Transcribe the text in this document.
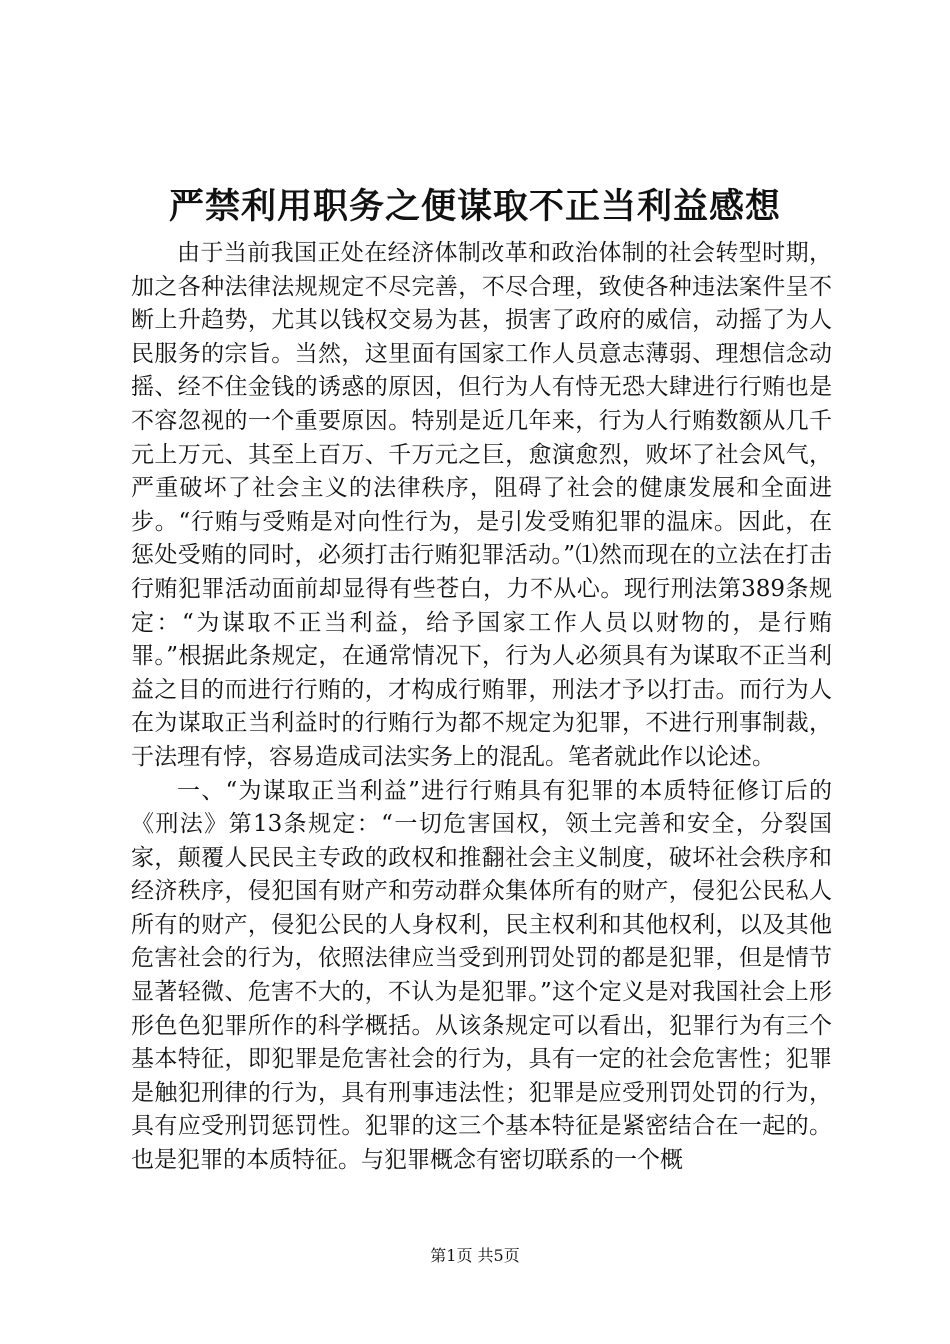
严禁利用职务之便谋取不正当利益感想

由于当前我国正处在经济体制改革和政治体制的社会转型时期，加之各种法律法规规定不尽完善，不尽合理，致使各种违法案件呈不断上升趋势，尤其以钱权交易为甚，损害了政府的威信，动摇了为人民服务的宗旨。当然，这里面有国家工作人员意志薄弱、理想信念动摇、经不住金钱的诱惑的原因，但行为人有恃无恐大肆进行行贿也是不容忽视的一个重要原因。特别是近几年来，行为人行贿数额从几千元上万元、其至上百万、千万元之巨，愈演愈烈，败坏了社会风气，严重破坏了社会主义的法律秩序，阻碍了社会的健康发展和全面进步。“行贿与受贿是对向性行为，是引发受贿犯罪的温床。因此，在惩处受贿的同时，必须打击行贿犯罪活动。”⑴然而现在的立法在打击行贿犯罪活动面前却显得有些苍白，力不从心。现行刑法第389条规定：“为谋取不正当利益，给予国家工作人员以财物的，是行贿罪。”根据此条规定，在通常情况下，行为人必须具有为谋取不正当利益之目的而进行行贿的，才构成行贿罪，刑法才予以打击。而行为人在为谋取正当利益时的行贿行为都不规定为犯罪，不进行刑事制裁，于法理有悖，容易造成司法实务上的混乱。笔者就此作以论述。

一、“为谋取正当利益”进行行贿具有犯罪的本质特征修订后的《刑法》第13条规定：“一切危害国权，领土完善和安全，分裂国家，颠覆人民民主专政的政权和推翻社会主义制度，破坏社会秩序和经济秩序，侵犯国有财产和劳动群众集体所有的财产，侵犯公民私人所有的财产，侵犯公民的人身权利，民主权利和其他权利，以及其他危害社会的行为，依照法律应当受到刑罚处罚的都是犯罪，但是情节显著轻微、危害不大的，不认为是犯罪。”这个定义是对我国社会上形形色色犯罪所作的科学概括。从该条规定可以看出，犯罪行为有三个基本特征，即犯罪是危害社会的行为，具有一定的社会危害性；犯罪是触犯刑律的行为，具有刑事违法性；犯罪是应受刑罚处罚的行为，具有应受刑罚惩罚性。犯罪的这三个基本特征是紧密结合在一起的。也是犯罪的本质特征。与犯罪概念有密切联系的一个概

第1页 共5页
